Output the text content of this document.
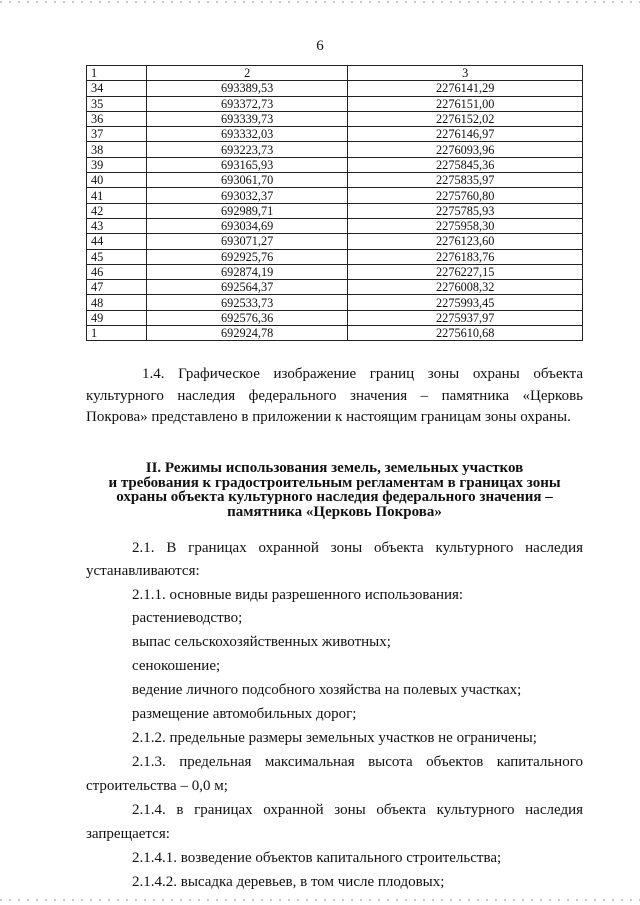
6
1	2	3
34	693389,53	2276141,29
35	693372,73	2276151,00
36	693339,73	2276152,02
37	693332,03	2276146,97
38	693223,73	2276093,96
39	693165,93	2275845,36
40	693061,70	2275835,97
41	693032,37	2275760,80
42	692989,71	2275785,93
43	693034,69	2275958,30
44	693071,27	2276123,60
45	692925,76	2276183,76
46	692874,19	2276227,15
47	692564,37	2276008,32
48	692533,73	2275993,45
49	692576,36	2275937,97
1	692924,78	2275610,68
1.4. Графическое изображение границ зоны охраны объекта культурного наследия федерального значения – памятника «Церковь Покрова» представлено в приложении к настоящим границам зоны охраны.
II. Режимы использования земель, земельных участков
и требования к градостроительным регламентам в границах зоны
охраны объекта культурного наследия федерального значения –
памятника «Церковь Покрова»
2.1. В границах охранной зоны объекта культурного наследия
устанавливаются:
2.1.1. основные виды разрешенного использования:
растениеводство;
выпас сельскохозяйственных животных;
сенокошение;
ведение личного подсобного хозяйства на полевых участках;
размещение автомобильных дорог;
2.1.2. предельные размеры земельных участков не ограничены;
2.1.3. предельная максимальная высота объектов капитального
строительства – 0,0 м;
2.1.4. в границах охранной зоны объекта культурного наследия
запрещается:
2.1.4.1. возведение объектов капитального строительства;
2.1.4.2. высадка деревьев, в том числе плодовых;
